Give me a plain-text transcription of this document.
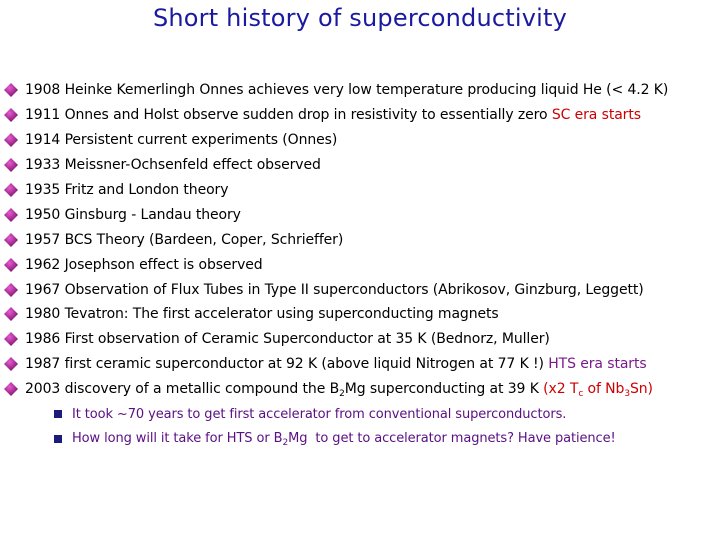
Short history of superconductivity
1908 Heinke Kemerlingh Onnes achieves very low temperature producing liquid He (< 4.2 K)
1911 Onnes and Holst observe sudden drop in resistivity to essentially zero SC era starts
1914 Persistent current experiments (Onnes)
1933 Meissner-Ochsenfeld effect observed
1935 Fritz and London theory
1950 Ginsburg - Landau theory
1957 BCS Theory (Bardeen, Coper, Schrieffer)
1962 Josephson effect is observed
1967 Observation of Flux Tubes in Type II superconductors (Abrikosov, Ginzburg, Leggett)
1980 Tevatron: The first accelerator using superconducting magnets
1986 First observation of Ceramic Superconductor at 35 K (Bednorz, Muller)
1987 first ceramic superconductor at 92 K (above liquid Nitrogen at 77 K !) HTS era starts
2003 discovery of a metallic compound the $B_2Mg$ superconducting at 39 K (x2 $T_c$ of $Nb_3Sn$)
It took ~70 years to get first accelerator from conventional superconductors.
How long will it take for HTS or $B_2Mg$  to get to accelerator magnets? Have patience!
